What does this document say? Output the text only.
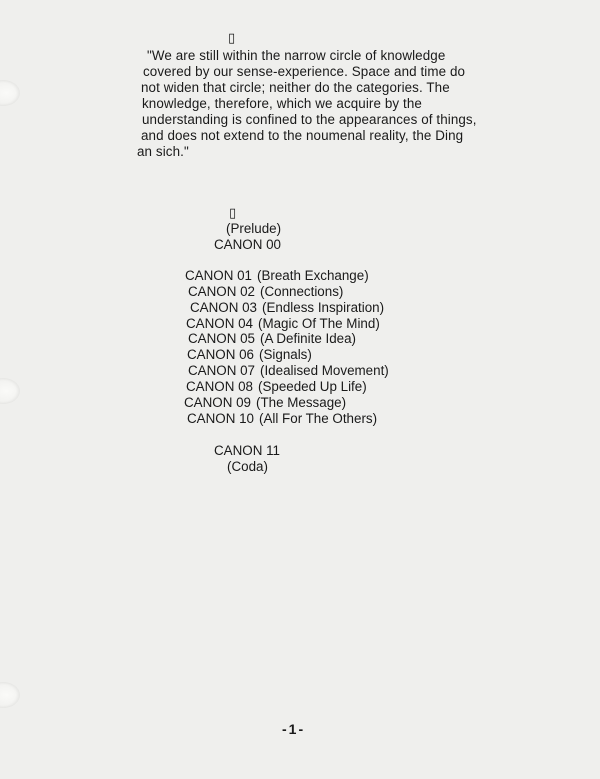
▯
"We are still within the narrow circle of knowledge
covered by our sense-experience. Space and time do
not widen that circle; neither do the categories. The
knowledge, therefore, which we acquire by the
understanding is confined to the appearances of things,
and does not extend to the noumenal reality, the Ding
an sich."
▯
(Prelude)
CANON 00
CANON 01 (Breath Exchange)
CANON 02 (Connections)
CANON 03 (Endless Inspiration)
CANON 04 (Magic Of The Mind)
CANON 05 (A Definite Idea)
CANON 06 (Signals)
CANON 07 (Idealised Movement)
CANON 08 (Speeded Up Life)
CANON 09 (The Message)
CANON 10 (All For The Others)
CANON 11
(Coda)
-1-
